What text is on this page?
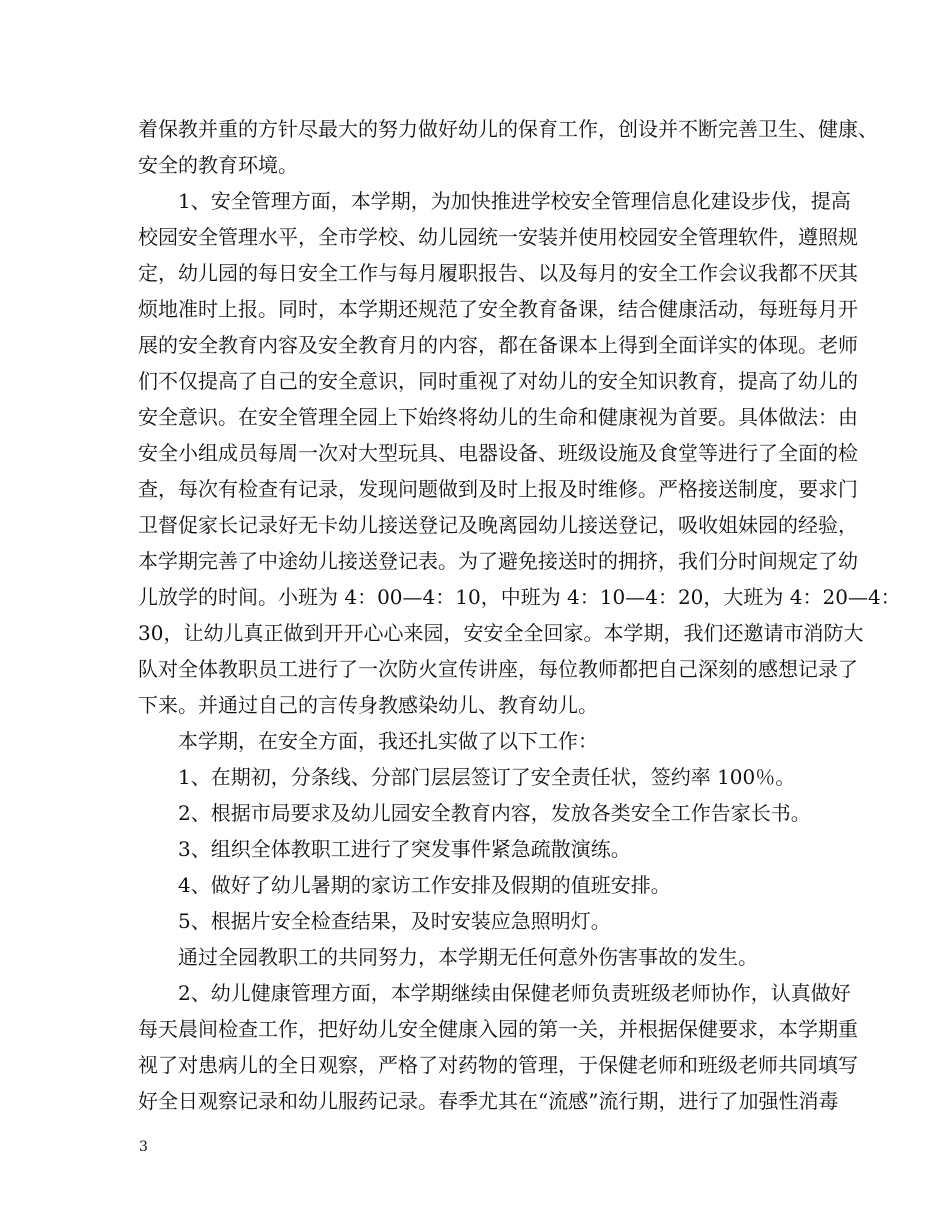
着保教并重的方针尽最大的努力做好幼儿的保育工作，创设并不断完善卫生、健康、
安全的教育环境。
1、安全管理方面，本学期，为加快推进学校安全管理信息化建设步伐，提高
校园安全管理水平，全市学校、幼儿园统一安装并使用校园安全管理软件，遵照规
定，幼儿园的每日安全工作与每月履职报告、以及每月的安全工作会议我都不厌其
烦地准时上报。同时，本学期还规范了安全教育备课，结合健康活动，每班每月开
展的安全教育内容及安全教育月的内容，都在备课本上得到全面详实的体现。老师
们不仅提高了自己的安全意识，同时重视了对幼儿的安全知识教育，提高了幼儿的
安全意识。在安全管理全园上下始终将幼儿的生命和健康视为首要。具体做法：由
安全小组成员每周一次对大型玩具、电器设备、班级设施及食堂等进行了全面的检
查，每次有检查有记录，发现问题做到及时上报及时维修。严格接送制度，要求门
卫督促家长记录好无卡幼儿接送登记及晚离园幼儿接送登记，吸收姐妹园的经验，
本学期完善了中途幼儿接送登记表。为了避免接送时的拥挤，我们分时间规定了幼
儿放学的时间。小班为 4：00—4：10，中班为 4：10—4：20，大班为 4：20—4：
30，让幼儿真正做到开开心心来园，安安全全回家。本学期，我们还邀请市消防大
队对全体教职员工进行了一次防火宣传讲座，每位教师都把自己深刻的感想记录了
下来。并通过自己的言传身教感染幼儿、教育幼儿。
本学期，在安全方面，我还扎实做了以下工作：
1、在期初，分条线、分部门层层签订了安全责任状，签约率 100％。
2、根据市局要求及幼儿园安全教育内容，发放各类安全工作告家长书。
3、组织全体教职工进行了突发事件紧急疏散演练。
4、做好了幼儿暑期的家访工作安排及假期的值班安排。
5、根据片安全检查结果，及时安装应急照明灯。
通过全园教职工的共同努力，本学期无任何意外伤害事故的发生。
2、幼儿健康管理方面，本学期继续由保健老师负责班级老师协作，认真做好
每天晨间检查工作，把好幼儿安全健康入园的第一关，并根据保健要求，本学期重
视了对患病儿的全日观察，严格了对药物的管理，于保健老师和班级老师共同填写
好全日观察记录和幼儿服药记录。春季尤其在“流感”流行期，进行了加强性消毒
3
